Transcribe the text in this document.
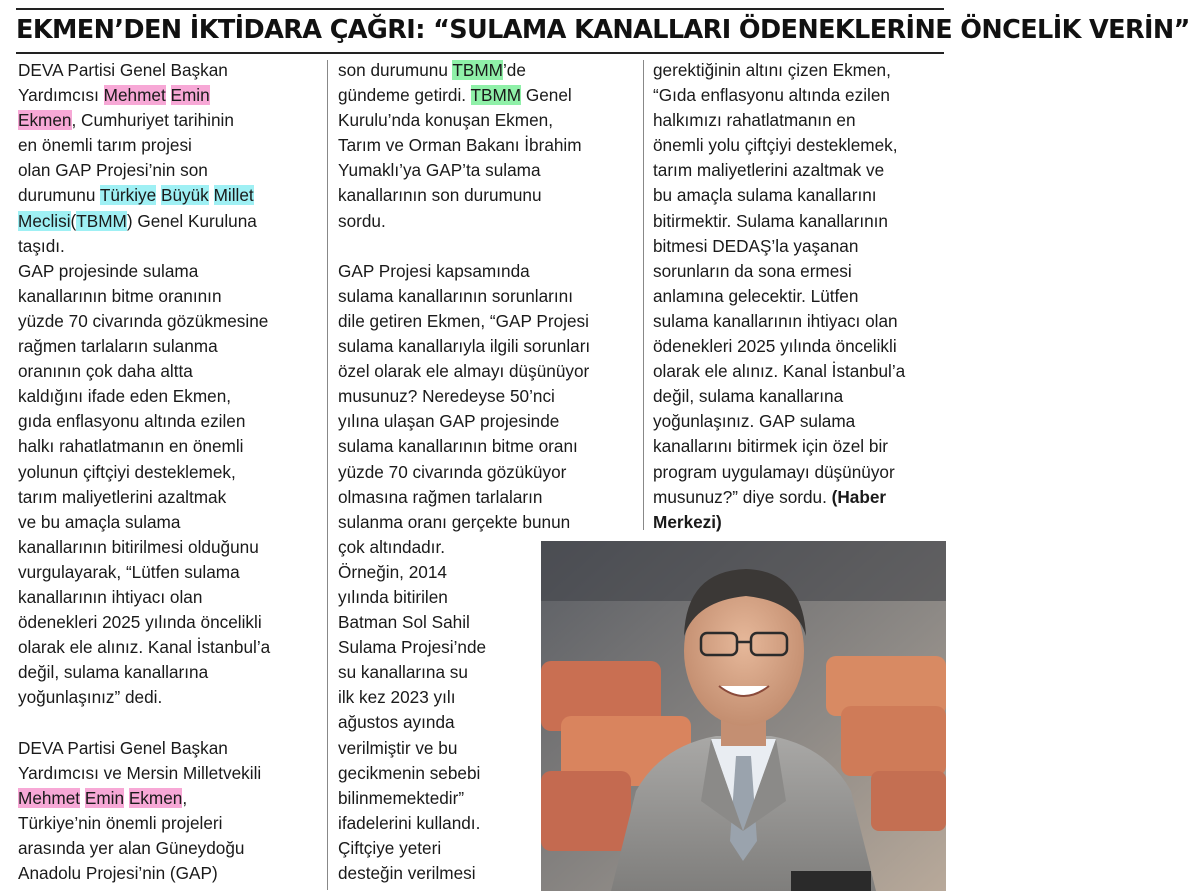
EKMEN’DEN İKTİDARA ÇAĞRI: “SULAMA KANALLARI ÖDENEKLERİNE ÖNCELİK VERİN”
DEVA Partisi Genel Başkan
Yardımcısı Mehmet Emin
Ekmen, Cumhuriyet tarihinin
en önemli tarım projesi
olan GAP Projesi’nin son
durumunu Türkiye Büyük Millet
Meclisi(TBMM) Genel Kuruluna
taşıdı.
GAP projesinde sulama
kanallarının bitme oranının
yüzde 70 civarında gözükmesine
rağmen tarlaların sulanma
oranının çok daha altta
kaldığını ifade eden Ekmen,
gıda enflasyonu altında ezilen
halkı rahatlatmanın en önemli
yolunun çiftçiyi desteklemek,
tarım maliyetlerini azaltmak
ve bu amaçla sulama
kanallarının bitirilmesi olduğunu
vurgulayarak, “Lütfen sulama
kanallarının ihtiyacı olan
ödenekleri 2025 yılında öncelikli
olarak ele alınız. Kanal İstanbul’a
değil, sulama kanallarına
yoğunlaşınız” dedi.
DEVA Partisi Genel Başkan
Yardımcısı ve Mersin Milletvekili
Mehmet Emin Ekmen,
Türkiye’nin önemli projeleri
arasında yer alan Güneydoğu
Anadolu Projesi’nin (GAP)
son durumunu TBMM’de
gündeme getirdi. TBMM Genel
Kurulu’nda konuşan Ekmen,
Tarım ve Orman Bakanı İbrahim
Yumaklı’ya GAP’ta sulama
kanallarının son durumunu
sordu.
GAP Projesi kapsamında
sulama kanallarının sorunlarını
dile getiren Ekmen, “GAP Projesi
sulama kanallarıyla ilgili sorunları
özel olarak ele almayı düşünüyor
musunuz? Neredeyse 50’nci
yılına ulaşan GAP projesinde
sulama kanallarının bitme oranı
yüzde 70 civarında gözüküyor
olmasına rağmen tarlaların
sulanma oranı gerçekte bunun
çok altındadır.
Örneğin, 2014
yılında bitirilen
Batman Sol Sahil
Sulama Projesi’nde
su kanallarına su
ilk kez 2023 yılı
ağustos ayında
verilmiştir ve bu
gecikmenin sebebi
bilinmemektedir”
ifadelerini kullandı.
Çiftçiye yeteri
desteğin verilmesi
gerektiğinin altını çizen Ekmen,
“Gıda enflasyonu altında ezilen
halkımızı rahatlatmanın en
önemli yolu çiftçiyi desteklemek,
tarım maliyetlerini azaltmak ve
bu amaçla sulama kanallarını
bitirmektir. Sulama kanallarının
bitmesi DEDAŞ’la yaşanan
sorunların da sona ermesi
anlamına gelecektir. Lütfen
sulama kanallarının ihtiyacı olan
ödenekleri 2025 yılında öncelikli
olarak ele alınız. Kanal İstanbul’a
değil, sulama kanallarına
yoğunlaşınız. GAP sulama
kanallarını bitirmek için özel bir
program uygulamayı düşünüyor
musunuz?” diye sordu. (Haber
Merkezi)
